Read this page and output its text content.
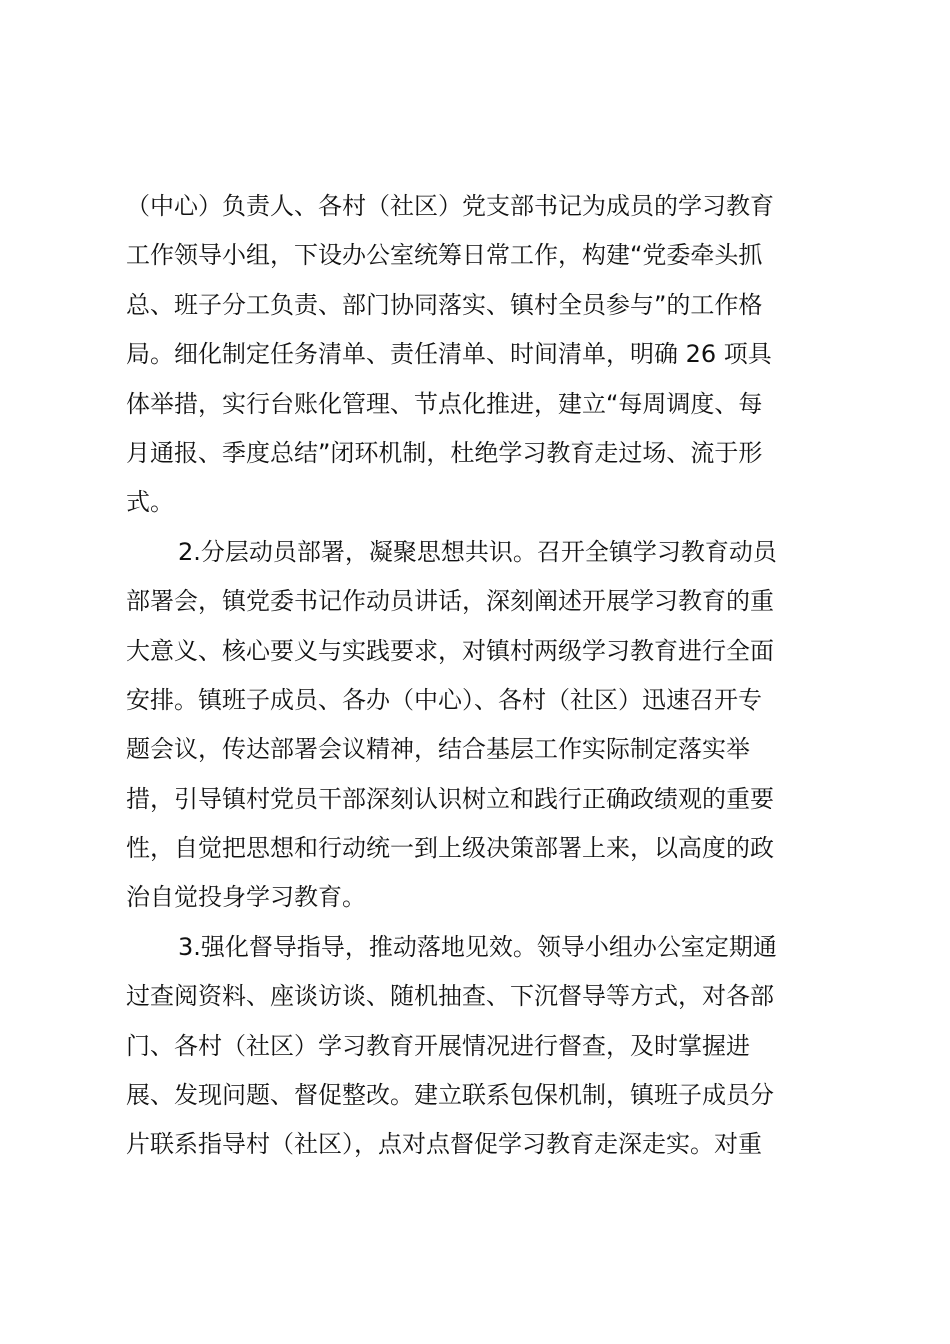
（中心）负责人、各村（社区）党支部书记为成员的学习教育
工作领导小组，下设办公室统筹日常工作，构建“党委牵头抓
总、班子分工负责、部门协同落实、镇村全员参与”的工作格
局。细化制定任务清单、责任清单、时间清单，明确 26 项具
体举措，实行台账化管理、节点化推进，建立“每周调度、每
月通报、季度总结”闭环机制，杜绝学习教育走过场、流于形
式。
2.分层动员部署，凝聚思想共识。召开全镇学习教育动员
部署会，镇党委书记作动员讲话，深刻阐述开展学习教育的重
大意义、核心要义与实践要求，对镇村两级学习教育进行全面
安排。镇班子成员、各办（中心）、各村（社区）迅速召开专
题会议，传达部署会议精神，结合基层工作实际制定落实举
措，引导镇村党员干部深刻认识树立和践行正确政绩观的重要
性，自觉把思想和行动统一到上级决策部署上来，以高度的政
治自觉投身学习教育。
3.强化督导指导，推动落地见效。领导小组办公室定期通
过查阅资料、座谈访谈、随机抽查、下沉督导等方式，对各部
门、各村（社区）学习教育开展情况进行督查，及时掌握进
展、发现问题、督促整改。建立联系包保机制，镇班子成员分
片联系指导村（社区），点对点督促学习教育走深走实。对重
